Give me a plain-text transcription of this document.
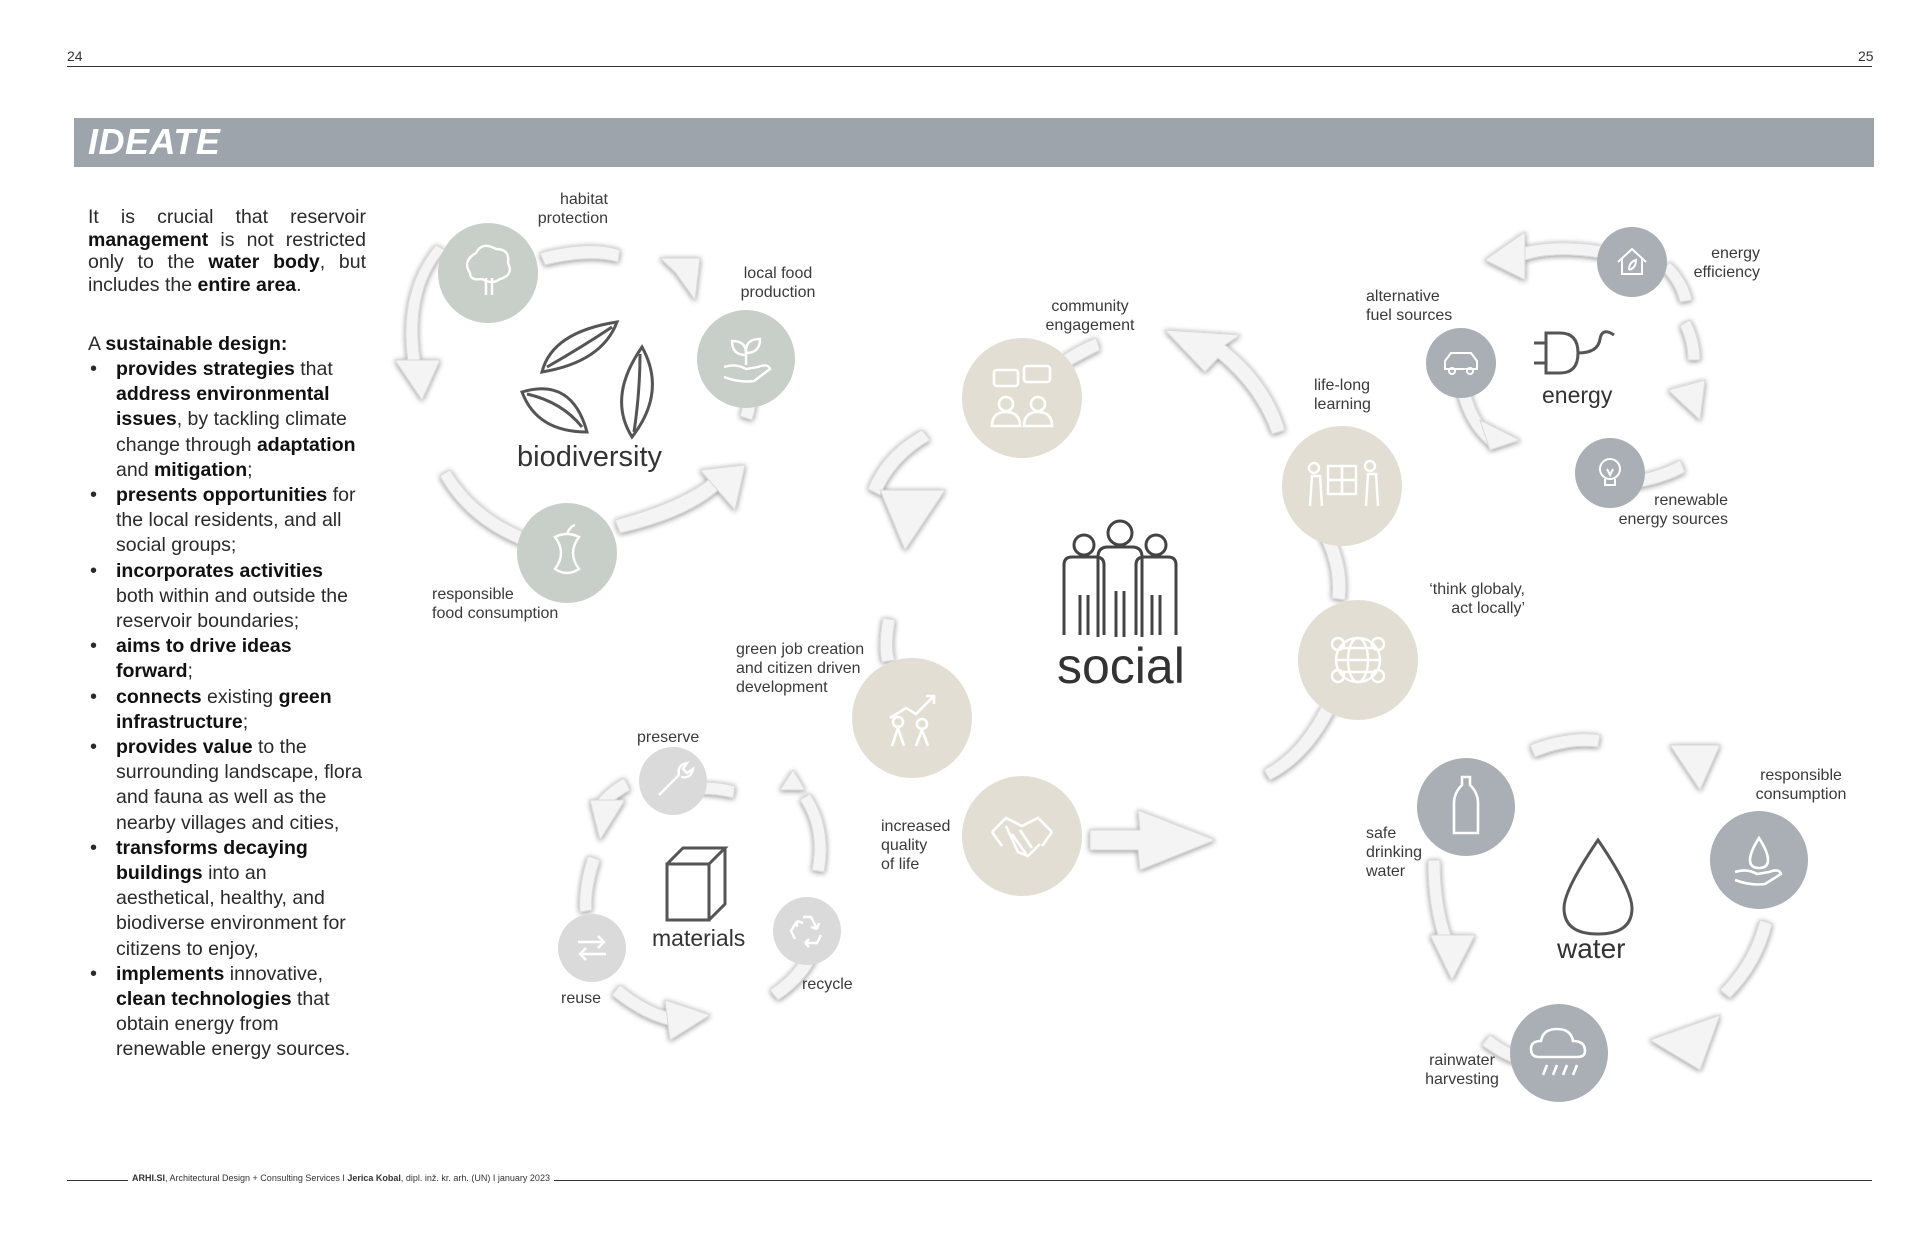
24	25
IDEATE

It is crucial that reservoir management is not restricted only to the water body, but includes the entire area.

A sustainable design:

• provides strategies that address environmental issues, by tackling climate change through adaptation and mitigation;
• presents opportunities for the local residents, and all social groups;
• incorporates activities both within and outside the reservoir boundaries;
• aims to drive ideas forward;
• connects existing green infrastructure;
• provides value to the surrounding landscape, flora and fauna as well as the nearby villages and cities,
• transforms decaying buildings into an aesthetical, healthy, and biodiverse environment for citizens to enjoy,
• implements innovative, clean technologies that obtain energy from renewable energy sources.
biodiversity
social
energy
materials	water
habitat
protection
local food
production
responsible
food consumption
community
engagement
life-long
learning
‘think globaly,
act locally’
green job creation
and citizen driven
development
increased
quality
of life
energy
efficiency
alternative
fuel sources
renewable
energy sources
preserve
reuse
recycle
safe
drinking
water
responsible
consumption
rainwater
harvesting
ARHI.SI, Architectural Design + Consulting Services I Jerica Kobal, dipl. inž. kr. arh. (UN) I january 2023
